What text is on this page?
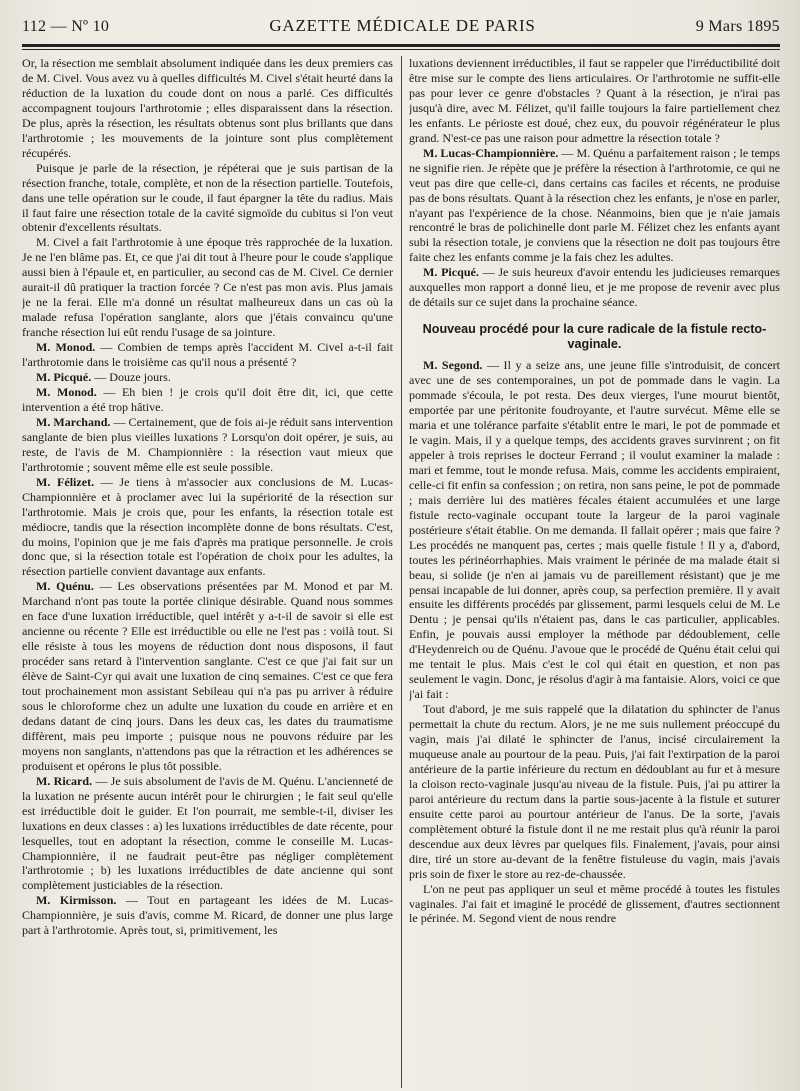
112 — Nº 10	GAZETTE MÉDICALE DE PARIS	9 Mars 1895

Or, la résection me semblait absolument indiquée dans les deux premiers cas de M. Civel. Vous avez vu à quelles difficultés M. Civel s'était heurté dans la réduction de la luxation du coude dont on nous a parlé. Ces difficultés accompagnent toujours l'arthrotomie ; elles disparaissent dans la résection. De plus, après la résection, les résultats obtenus sont plus brillants que dans l'arthrotomie ; les mouvements de la jointure sont plus complètement récupérés.

Puisque je parle de la résection, je répéterai que je suis partisan de la résection franche, totale, complète, et non de la résection partielle. Toutefois, dans une telle opération sur le coude, il faut épargner la tête du radius. Mais il faut faire une résection totale de la cavité sigmoïde du cubitus si l'on veut obtenir d'excellents résultats.

M. Civel a fait l'arthrotomie à une époque très rapprochée de la luxation. Je ne l'en blâme pas. Et, ce que j'ai dit tout à l'heure pour le coude s'applique aussi bien à l'épaule et, en particulier, au second cas de M. Civel. Ce dernier aurait-il dû pratiquer la traction forcée ? Ce n'est pas mon avis. Plus jamais je ne la ferai. Elle m'a donné un résultat malheureux dans un cas où la malade refusa l'opération sanglante, alors que j'étais convaincu qu'une franche résection lui eût rendu l'usage de sa jointure.

M. Monod. — Combien de temps après l'accident M. Civel a-t-il fait l'arthrotomie dans le troisième cas qu'il nous a présenté ?

M. Picqué. — Douze jours.

M. Monod. — Eh bien ! je crois qu'il doit être dit, ici, que cette intervention a été trop hâtive.

M. Marchand. — Certainement, que de fois ai-je réduit sans intervention sanglante de bien plus vieilles luxations ? Lorsqu'on doit opérer, je suis, au reste, de l'avis de M. Championnière : la résection vaut mieux que l'arthrotomie ; souvent même elle est seule possible.

M. Félizet. — Je tiens à m'associer aux conclusions de M. Lucas-Championnière et à proclamer avec lui la supériorité de la résection sur l'arthrotomie. Mais je crois que, pour les enfants, la résection totale est médiocre, tandis que la résection incomplète donne de bons résultats. C'est, du moins, l'opinion que je me fais d'après ma pratique personnelle. Je crois donc que, si la résection totale est l'opération de choix pour les adultes, la résection partielle convient davantage aux enfants.

M. Quénu. — Les observations présentées par M. Monod et par M. Marchand n'ont pas toute la portée clinique désirable. Quand nous sommes en face d'une luxation irréductible, quel intérêt y a-t-il de savoir si elle est ancienne ou récente ? Elle est irréductible ou elle ne l'est pas : voilà tout. Si elle résiste à tous les moyens de réduction dont nous disposons, il faut procéder sans retard à l'intervention sanglante. C'est ce que j'ai fait sur un élève de Saint-Cyr qui avait une luxation de cinq semaines. C'est ce que fera tout prochainement mon assistant Sebileau qui n'a pas pu arriver à réduire sous le chloroforme chez un adulte une luxation du coude en arrière et en dedans datant de cinq jours. Dans les deux cas, les dates du traumatisme diffèrent, mais peu importe ; puisque nous ne pouvons réduire par les moyens non sanglants, n'attendons pas que la rétraction et les adhérences se produisent et opérons le plus tôt possible.

M. Ricard. — Je suis absolument de l'avis de M. Quénu. L'ancienneté de la luxation ne présente aucun intérêt pour le chirurgien ; le fait seul qu'elle est irréductible doit le guider. Et l'on pourrait, me semble-t-il, diviser les luxations en deux classes : a) les luxations irréductibles de date récente, pour lesquelles, tout en adoptant la résection, comme le conseille M. Lucas-Championnière, il ne faudrait peut-être pas négliger complètement l'arthrotomie ; b) les luxations irréductibles de date ancienne qui sont complètement justiciables de la résection.

M. Kirmisson. — Tout en partageant les idées de M. Lucas-Championnière, je suis d'avis, comme M. Ricard, de donner une plus large part à l'arthrotomie. Après tout, si, primitivement, les

luxations deviennent irréductibles, il faut se rappeler que l'irréductibilité doit être mise sur le compte des liens articulaires. Or l'arthrotomie ne suffit-elle pas pour lever ce genre d'obstacles ? Quant à la résection, je n'irai pas jusqu'à dire, avec M. Félizet, qu'il faille toujours la faire partiellement chez les enfants. Le périoste est doué, chez eux, du pouvoir régénérateur le plus grand. N'est-ce pas une raison pour admettre la résection totale ?

M. Lucas-Championnière. — M. Quénu a parfaitement raison ; le temps ne signifie rien. Je répète que je préfère la résection à l'arthrotomie, ce qui ne veut pas dire que celle-ci, dans certains cas faciles et récents, ne produise pas de bons résultats. Quant à la résection chez les enfants, je n'ose en parler, n'ayant pas l'expérience de la chose. Néanmoins, bien que je n'aie jamais rencontré le bras de polichinelle dont parle M. Félizet chez les enfants ayant subi la résection totale, je conviens que la résection ne doit pas toujours être faite chez les enfants comme je la fais chez les adultes.

M. Picqué. — Je suis heureux d'avoir entendu les judicieuses remarques auxquelles mon rapport a donné lieu, et je me propose de revenir avec plus de détails sur ce sujet dans la prochaine séance.

Nouveau procédé pour la cure radicale de la fistule recto-vaginale.

M. Segond. — Il y a seize ans, une jeune fille s'introduisit, de concert avec une de ses contemporaines, un pot de pommade dans le vagin. La pommade s'écoula, le pot resta. Des deux vierges, l'une mourut bientôt, emportée par une péritonite foudroyante, et l'autre survécut. Même elle se maria et une tolérance parfaite s'établit entre le mari, le pot de pommade et le vagin. Mais, il y a quelque temps, des accidents graves survinrent ; on fit appeler à trois reprises le docteur Ferrand ; il voulut examiner la malade : mari et femme, tout le monde refusa. Mais, comme les accidents empiraient, celle-ci fit enfin sa confession ; on retira, non sans peine, le pot de pommade ; mais derrière lui des matières fécales étaient accumulées et une large fistule recto-vaginale occupant toute la largeur de la paroi vaginale postérieure s'était établie. On me demanda. Il fallait opérer ; mais que faire ? Les procédés ne manquent pas, certes ; mais quelle fistule ! Il y a, d'abord, toutes les périnéorrhaphies. Mais vraiment le périnée de ma malade était si beau, si solide (je n'en ai jamais vu de pareillement résistant) que je me pensai incapable de lui donner, après coup, sa perfection première. Il y avait ensuite les différents procédés par glissement, parmi lesquels celui de M. Le Dentu ; je pensai qu'ils n'étaient pas, dans le cas particulier, applicables. Enfin, je pouvais aussi employer la méthode par dédoublement, celle d'Heydenreich ou de Quénu. J'avoue que le procédé de Quénu était celui qui me tentait le plus. Mais c'est le col qui était en question, et non pas seulement le vagin. Donc, je résolus d'agir à ma fantaisie. Alors, voici ce que j'ai fait :

Tout d'abord, je me suis rappelé que la dilatation du sphincter de l'anus permettait la chute du rectum. Alors, je ne me suis nullement préoccupé du vagin, mais j'ai dilaté le sphincter de l'anus, incisé circulairement la muqueuse anale au pourtour de la peau. Puis, j'ai fait l'extirpation de la paroi antérieure de la partie inférieure du rectum en dédoublant au fur et à mesure la cloison recto-vaginale jusqu'au niveau de la fistule. Puis, j'ai pu attirer la paroi antérieure du rectum dans la partie sous-jacente à la fistule et suturer ensuite cette paroi au pourtour antérieur de l'anus. De la sorte, j'avais complètement obturé la fistule dont il ne me restait plus qu'à réunir la paroi descendue aux deux lèvres par quelques fils. Finalement, j'avais, pour ainsi dire, tiré un store au-devant de la fenêtre fistuleuse du vagin, mais j'avais pris soin de fixer le store au rez-de-chaussée.

L'on ne peut pas appliquer un seul et même procédé à toutes les fistules vaginales. J'ai fait et imaginé le procédé de glissement, d'autres sectionnent le périnée. M. Segond vient de nous rendre
